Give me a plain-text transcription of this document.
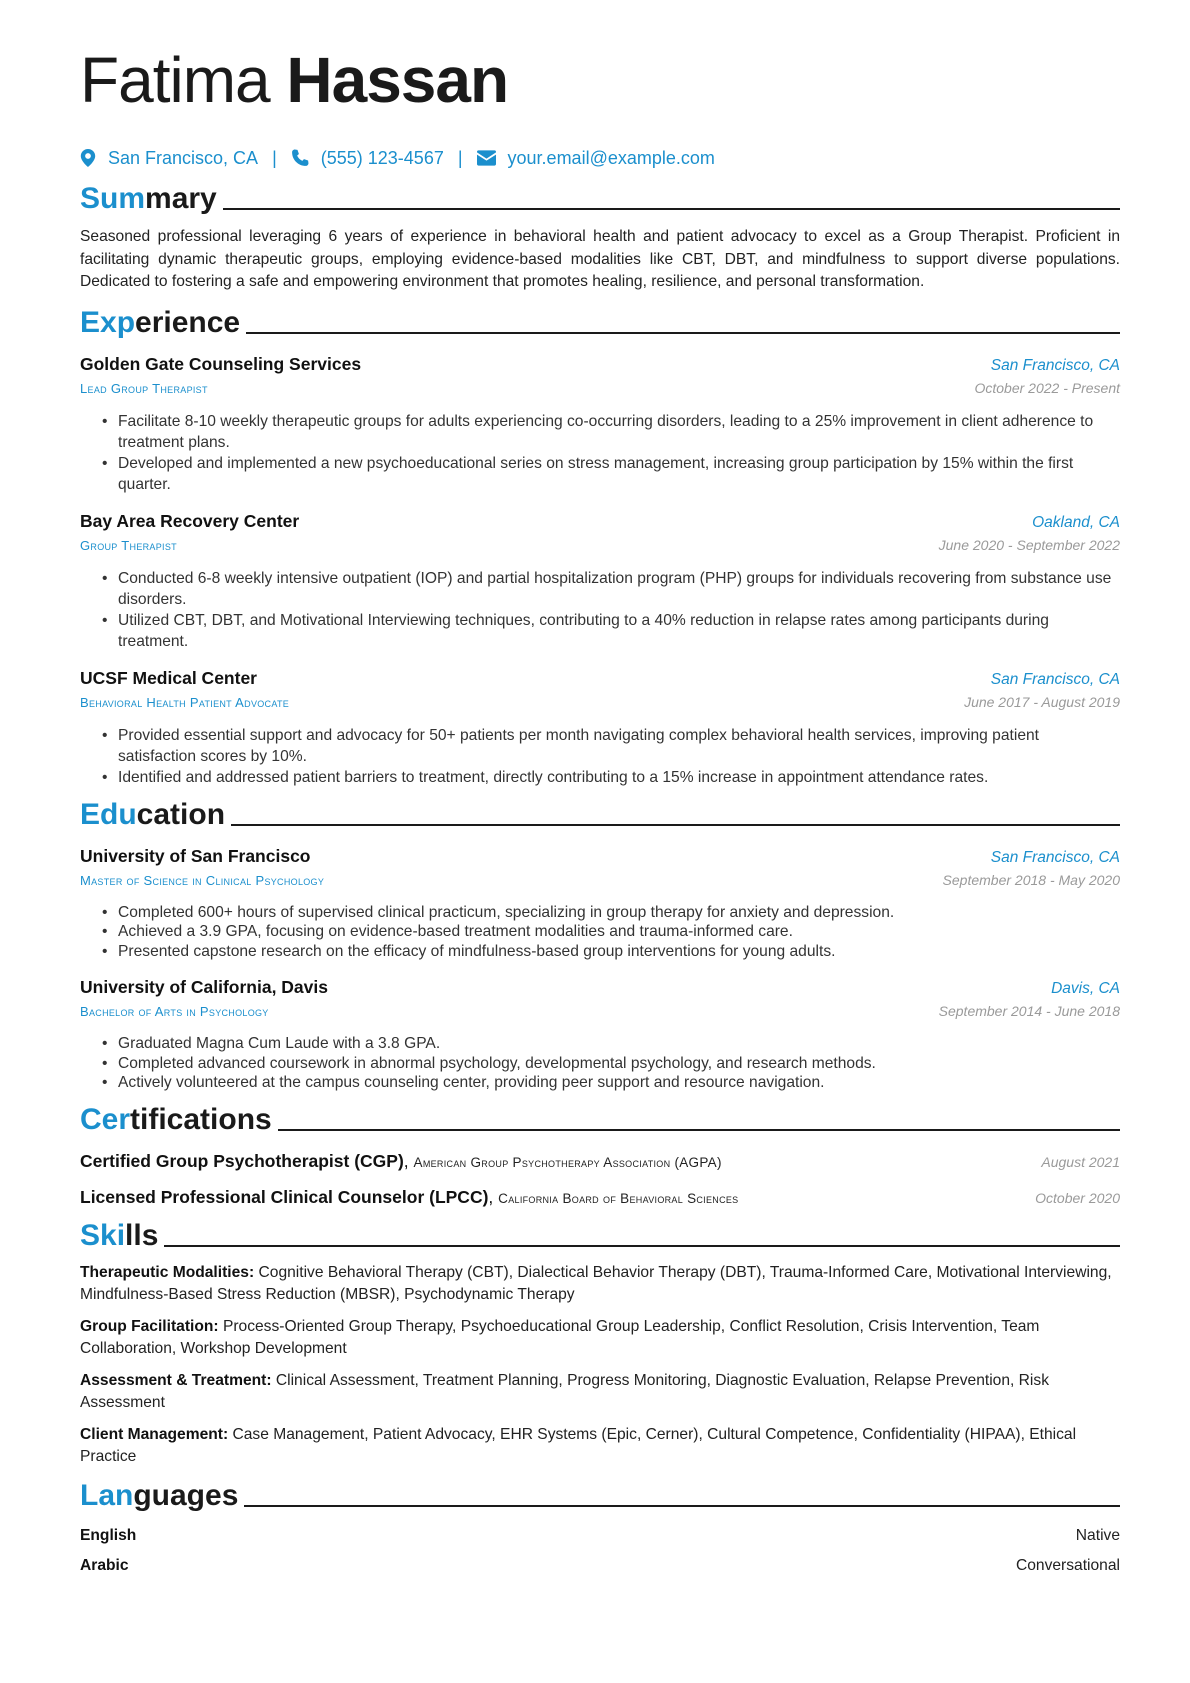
Fatima Hassan
San Francisco, CA | (555) 123-4567 |	your.email@example.com
Summary

Seasoned professional leveraging 6 years of experience in behavioral health and patient advocacy to excel as a Group Therapist. Proficient in facilitating dynamic therapeutic groups, employing evidence-based modalities like CBT, DBT, and mindfulness to support diverse populations. Dedicated to fostering a safe and empowering environment that promotes healing, resilience, and personal transformation.

Experience
Golden Gate Counseling Services	San Francisco, CA
Lead Group Therapist	October 2022 - Present
• Facilitate 8-10 weekly therapeutic groups for adults experiencing co-occurring disorders, leading to a 25% improvement in client adherence to treatment plans.
• Developed and implemented a new psychoeducational series on stress management, increasing group participation by 15% within the first quarter.
Bay Area Recovery Center	Oakland, CA
Group Therapist	June 2020 - September 2022
• Conducted 6-8 weekly intensive outpatient (IOP) and partial hospitalization program (PHP) groups for individuals recovering from substance use disorders.
• Utilized CBT, DBT, and Motivational Interviewing techniques, contributing to a 40% reduction in relapse rates among participants during treatment.
UCSF Medical Center	San Francisco, CA
Behavioral Health Patient Advocate	June 2017 - August 2019
• Provided essential support and advocacy for 50+ patients per month navigating complex behavioral health services, improving patient satisfaction scores by 10%.
• Identified and addressed patient barriers to treatment, directly contributing to a 15% increase in appointment attendance rates.
Education
University of San Francisco	San Francisco, CA
Master of Science in Clinical Psychology	September 2018 - May 2020
• Completed 600+ hours of supervised clinical practicum, specializing in group therapy for anxiety and depression.
• Achieved a 3.9 GPA, focusing on evidence-based treatment modalities and trauma-informed care.
• Presented capstone research on the efficacy of mindfulness-based group interventions for young adults.
University of California, Davis	Davis, CA
Bachelor of Arts in Psychology	September 2014 - June 2018
• Graduated Magna Cum Laude with a 3.8 GPA.
• Completed advanced coursework in abnormal psychology, developmental psychology, and research methods.
• Actively volunteered at the campus counseling center, providing peer support and resource navigation.
Certifications
Certified Group Psychotherapist (CGP), American Group Psychotherapy Association (AGPA)	August 2021
Licensed Professional Clinical Counselor (LPCC), California Board of Behavioral Sciences	October 2020
Skills

Therapeutic Modalities: Cognitive Behavioral Therapy (CBT), Dialectical Behavior Therapy (DBT), Trauma-Informed Care, Motivational Interviewing, Mindfulness-Based Stress Reduction (MBSR), Psychodynamic Therapy

Group Facilitation: Process-Oriented Group Therapy, Psychoeducational Group Leadership, Conflict Resolution, Crisis Intervention, Team Collaboration, Workshop Development

Assessment & Treatment: Clinical Assessment, Treatment Planning, Progress Monitoring, Diagnostic Evaluation, Relapse Prevention, Risk Assessment

Client Management: Case Management, Patient Advocacy, EHR Systems (Epic, Cerner), Cultural Competence, Confidentiality (HIPAA), Ethical Practice

Languages
English	Native
Arabic	Conversational
